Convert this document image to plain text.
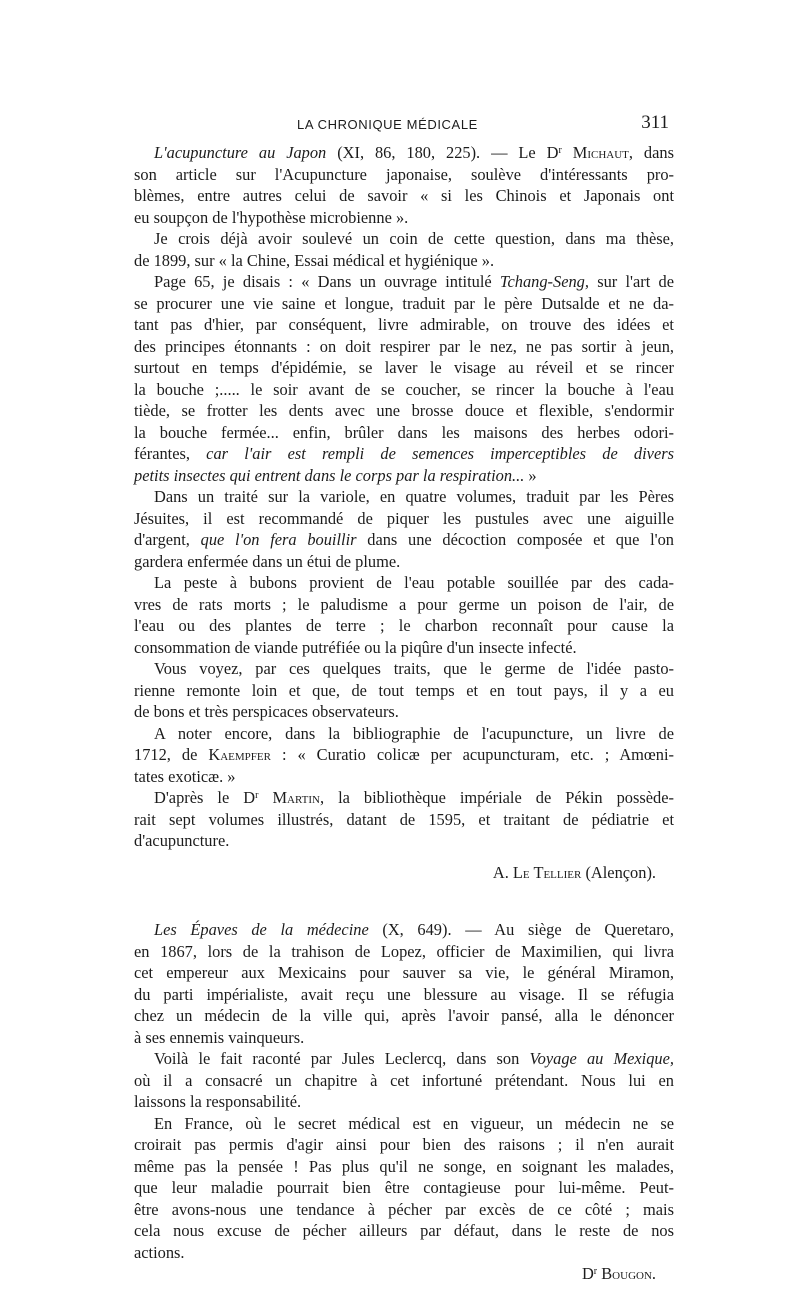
LA CHRONIQUE MÉDICALE	311
L'acupuncture au Japon (XI, 86, 180, 225). — Le $D^r$ Michaut, dans
son article sur l'Acupuncture japonaise, soulève d'intéressants pro-
blèmes, entre autres celui de savoir « si les Chinois et Japonais ont
eu soupçon de l'hypothèse microbienne ».
Je crois déjà avoir soulevé un coin de cette question, dans ma thèse,
de 1899, sur « la Chine, Essai médical et hygiénique ».
Page 65, je disais : « Dans un ouvrage intitulé Tchang-Seng, sur l'art de
se procurer une vie saine et longue, traduit par le père Dutsalde et ne da-
tant pas d'hier, par conséquent, livre admirable, on trouve des idées et
des principes étonnants : on doit respirer par le nez, ne pas sortir à jeun,
surtout en temps d'épidémie, se laver le visage au réveil et se rincer
la bouche ;..... le soir avant de se coucher, se rincer la bouche à l'eau
tiède, se frotter les dents avec une brosse douce et flexible, s'endormir
la bouche fermée... enfin, brûler dans les maisons des herbes odori-
férantes, car l'air est rempli de semences imperceptibles de divers
petits insectes qui entrent dans le corps par la respiration... »
Dans un traité sur la variole, en quatre volumes, traduit par les Pères
Jésuites, il est recommandé de piquer les pustules avec une aiguille
d'argent, que l'on fera bouillir dans une décoction composée et que l'on
gardera enfermée dans un étui de plume.
La peste à bubons provient de l'eau potable souillée par des cada-
vres de rats morts ; le paludisme a pour germe un poison de l'air, de
l'eau ou des plantes de terre ; le charbon reconnaît pour cause la
consommation de viande putréfiée ou la piqûre d'un insecte infecté.
Vous voyez, par ces quelques traits, que le germe de l'idée pasto-
rienne remonte loin et que, de tout temps et en tout pays, il y a eu
de bons et très perspicaces observateurs.
A noter encore, dans la bibliographie de l'acupuncture, un livre de
1712, de Kaempfer : « Curatio colicæ per acupuncturam, etc. ; Amœni-
tates exoticæ. »
D'après le $D^r$ Martin, la bibliothèque impériale de Pékin possède-
rait sept volumes illustrés, datant de 1595, et traitant de pédiatrie et
d'acupuncture.
A. Le Tellier (Alençon).
Les Épaves de la médecine (X, 649). — Au siège de Queretaro,
en 1867, lors de la trahison de Lopez, officier de Maximilien, qui livra
cet empereur aux Mexicains pour sauver sa vie, le général Miramon,
du parti impérialiste, avait reçu une blessure au visage. Il se réfugia
chez un médecin de la ville qui, après l'avoir pansé, alla le dénoncer
à ses ennemis vainqueurs.
Voilà le fait raconté par Jules Leclercq, dans son Voyage au Mexique,
où il a consacré un chapitre à cet infortuné prétendant. Nous lui en
laissons la responsabilité.
En France, où le secret médical est en vigueur, un médecin ne se
croirait pas permis d'agir ainsi pour bien des raisons ; il n'en aurait
même pas la pensée ! Pas plus qu'il ne songe, en soignant les malades,
que leur maladie pourrait bien être contagieuse pour lui-même. Peut-
être avons-nous une tendance à pécher par excès de ce côté ; mais
cela nous excuse de pécher ailleurs par défaut, dans le reste de nos
actions.
$D^r$ Bougon.
